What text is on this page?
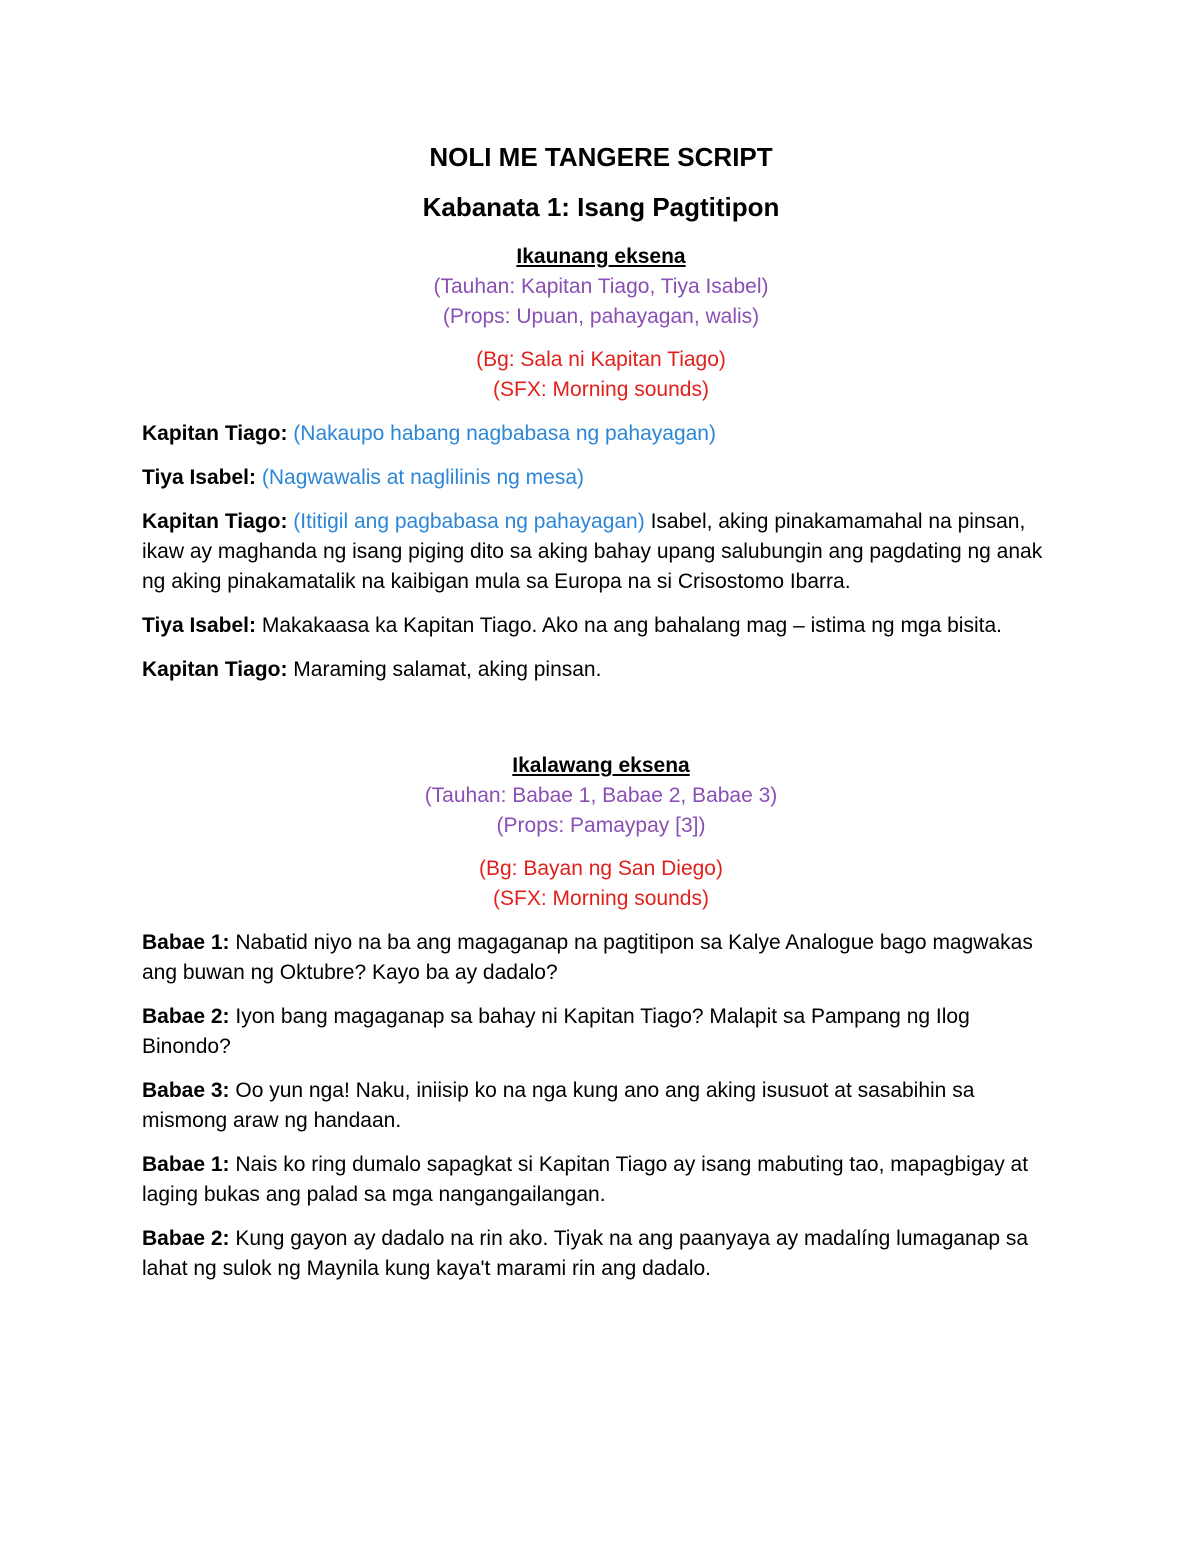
NOLI ME TANGERE SCRIPT
Kabanata 1: Isang Pagtitipon
Ikaunang eksena
(Tauhan: Kapitan Tiago, Tiya Isabel)
(Props: Upuan, pahayagan, walis)
(Bg: Sala ni Kapitan Tiago)
(SFX: Morning sounds)

Kapitan Tiago: (Nakaupo habang nagbabasa ng pahayagan)

Tiya Isabel: (Nagwawalis at naglilinis ng mesa)

Kapitan Tiago: (Ititigil ang pagbabasa ng pahayagan) Isabel, aking pinakamamahal na pinsan, ikaw ay maghanda ng isang piging dito sa aking bahay upang salubungin ang pagdating ng anak ng aking pinakamatalik na kaibigan mula sa Europa na si Crisostomo Ibarra.

Tiya Isabel: Makakaasa ka Kapitan Tiago. Ako na ang bahalang mag – istima ng mga bisita.

Kapitan Tiago: Maraming salamat, aking pinsan.

Ikalawang eksena
(Tauhan: Babae 1, Babae 2, Babae 3)
(Props: Pamaypay [3])
(Bg: Bayan ng San Diego)
(SFX: Morning sounds)

Babae 1: Nabatid niyo na ba ang magaganap na pagtitipon sa Kalye Analogue bago magwakas ang buwan ng Oktubre? Kayo ba ay dadalo?

Babae 2: Iyon bang magaganap sa bahay ni Kapitan Tiago? Malapit sa Pampang ng Ilog Binondo?

Babae 3: Oo yun nga! Naku, iniisip ko na nga kung ano ang aking isusuot at sasabihin sa mismong araw ng handaan.

Babae 1: Nais ko ring dumalo sapagkat si Kapitan Tiago ay isang mabuting tao, mapagbigay at laging bukas ang palad sa mga nangangailangan.

Babae 2: Kung gayon ay dadalo na rin ako. Tiyak na ang paanyaya ay madalíng lumaganap sa lahat ng sulok ng Maynila kung kaya't marami rin ang dadalo.
